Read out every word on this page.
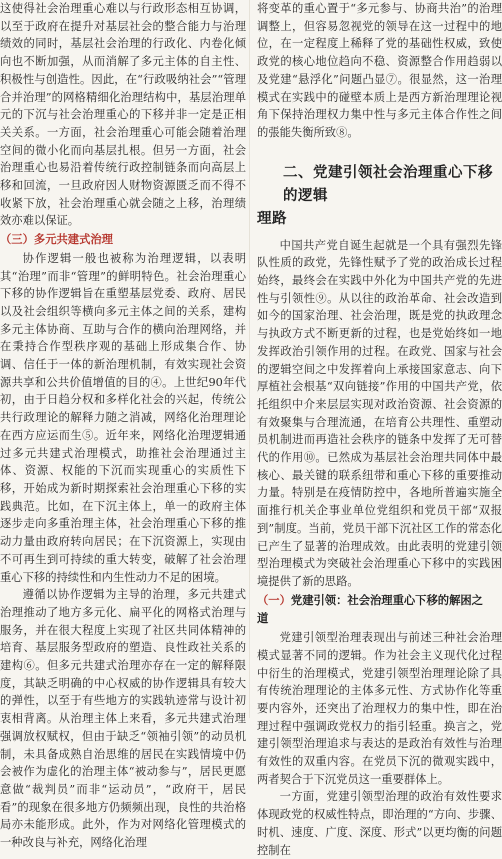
这使得社会治理重心难以与行政形态相互协调，以至于政府在提升对基层社会的整合能力与治理绩效的同时，基层社会治理的行政化、内卷化倾向也不断加强，从而消解了多元主体的自主性、积极性与创造性。因此，在“行政吸纳社会”“管理合并治理”的网格精细化治理结构中，基层治理单元的下沉与社会治理重心的下移并非一定是正相关关系。一方面，社会治理重心可能会随着治理空间的微小化而向基层扎根。但另一方面，社会治理重心也易沿着传统行政控制链条而向高层上移和回流，一旦政府因人财物资源匮乏而不得不收紧下放，社会治理重心就会随之上移，治理绩效亦难以保证。

（三）多元共建式治理

协作逻辑一般也被称为治理逻辑，以表明其“治理”而非“管理”的鲜明特色。社会治理重心下移的协作逻辑旨在重塑基层党委、政府、居民以及社会组织等横向多元主体之间的关系，建构多元主体协商、互助与合作的横向治理网络，并在秉持合作型秩序观的基础上形成集合作、协调、信任于一体的新治理机制，有效实现社会资源共享和公共价值增值的目的④。上世纪90年代初，由于日趋分权和多样化社会的兴起，传统公共行政理论的解释力随之消减，网络化治理理论在西方应运而生⑤。近年来，网络化治理逻辑通过多元共建式治理模式，助推社会治理通过主体、资源、权能的下沉而实现重心的实质性下移，开始成为新时期探索社会治理重心下移的实践典范。比如，在下沉主体上，单一的政府主体逐步走向多重治理主体，社会治理重心下移的推动力量由政府转向居民；在下沉资源上，实现由不可再生到可持续的重大转变，破解了社会治理重心下移的持续性和内生性动力不足的困境。

遵循以协作逻辑为主导的治理，多元共建式治理推动了地方多元化、扁平化的网格式治理与服务，并在很大程度上实现了社区共同体精神的培育、基层服务型政府的塑造、良性政社关系的建构⑥。但多元共建式治理亦存在一定的解释限度，其缺乏明确的中心权威的协作逻辑具有较大的弹性，以至于有些地方的实践轨迹常与设计初衷相背离。从治理主体上来看，多元共建式治理强调放权赋权，但由于缺乏“领袖引领”的动员机制，未具备成熟自治思维的居民在实践情境中仍会被作为虚化的治理主体“被动参与”，居民更愿意做“裁判员”而非“运动员”，“政府干，居民看”的现象在很多地方仍频频出现，良性的共治格局亦未能形成。此外，作为对网络化管理模式的一种改良与补充，网络化治理

将变革的重心置于“多元参与、协商共治”的治理调整上，但容易忽视党的领导在这一过程中的地位，在一定程度上稀释了党的基础性权威，致使政党的核心地位趋向不稳、资源整合作用趋弱以及党建“悬浮化”问题凸显⑦。很显然，这一治理模式在实践中的碰壁本质上是西方新治理理论视角下保持治理权力集中性与多元主体合作性之间的張能失衡所致⑧。

二、党建引领社会治理重心下移的逻辑
理路

中国共产党自诞生起就是一个具有强烈先锋队性质的政党，先锋性赋予了党的政治成长过程始终，最终会在实践中外化为中国共产党的先进性与引领性⑨。从以往的政治革命、社会改造到如今的国家治理、社会治理，既是党的执政理念与执政方式不断更新的过程，也是党始终如一地发挥政治引领作用的过程。在政党、国家与社会的逻辑空间之中发挥着向上承接国家意志、向下厚植社会根基“双向链接”作用的中国共产党，依托组织中介来层层实现对政治资源、社会资源的有效聚集与合理流通，在培育公共理性、重塑动员机制进而再造社会秩序的链条中发挥了无可替代的作用⑩。已然成为基层社会治理共同体中最核心、最关键的联系纽带和重心下移的重要推动力量。特别是在疫情防控中，各地所普遍实施全面推行机关企事业单位党组织和党员干部“双报到”制度。当前，党员干部下沉社区工作的常态化已产生了显著的治理成效。由此表明的党建引领型治理模式为突破社会治理重心下移中的实践困境提供了新的思路。

（一）党建引领：社会治理重心下移的解困之

道

党建引领型治理表现出与前述三种社会治理模式显著不同的逻辑。作为社会主义现代化过程中衍生的治理模式，党建引领型治理理论除了具有传统治理理论的主体多元性、方式协作化等重要内容外，还突出了治理权力的集中性，即在治理过程中强调政党权力的指引轻重。换言之，党建引领型治理追求与表达的是政治有效性与治理有效性的双重内容。在党员下沉的微观实践中，两者契合于下沉党员这一重要群体上。

一方面，党建引领型治理的政治有效性要求体现政党的权威性特点，即治理的“方向、步骤、时机、速度、广度、深度、形式”以更均衡的问题控制在
